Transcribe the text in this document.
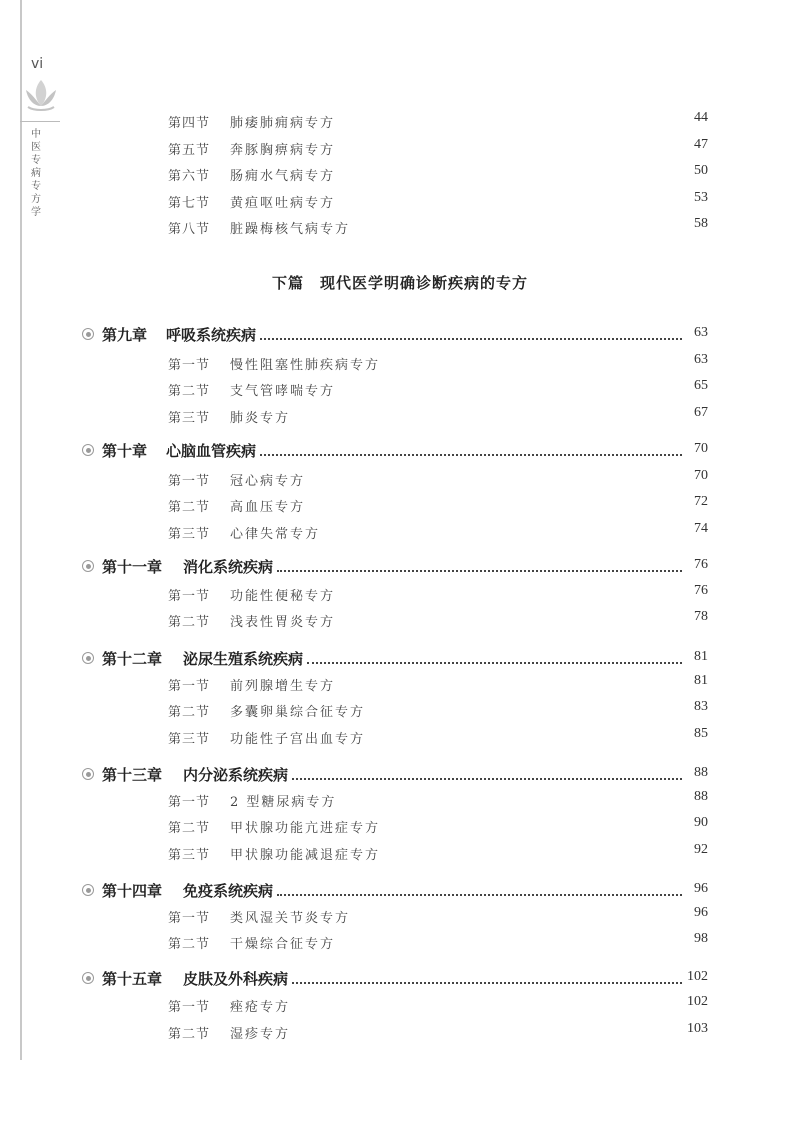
vi
中医专病专方学
第四节 肺痿肺痈病专方	44
第五节 奔豚胸痹病专方	47
第六节 肠痈水气病专方	50
第七节 黄疸呕吐病专方	53
第八节 脏躁梅核气病专方	58
下篇　现代医学明确诊断疾病的专方
第九章 呼吸系统疾病	63
第一节 慢性阻塞性肺疾病专方	63
第二节 支气管哮喘专方	65
第三节 肺炎专方	67
第十章 心脑血管疾病	70
第一节 冠心病专方	70
第二节 高血压专方	72
第三节 心律失常专方	74
第十一章 消化系统疾病	76
第一节 功能性便秘专方	76
第二节 浅表性胃炎专方	78
第十二章 泌尿生殖系统疾病	81
第一节 前列腺增生专方	81
第二节 多囊卵巢综合征专方	83
第三节 功能性子宫出血专方	85
第十三章 内分泌系统疾病	88
第一节 2 型糖尿病专方	88
第二节 甲状腺功能亢进症专方	90
第三节 甲状腺功能减退症专方	92
第十四章 免疫系统疾病	96
第一节 类风湿关节炎专方	96
第二节 干燥综合征专方	98
第十五章 皮肤及外科疾病	102
第一节 痤疮专方	102
第二节 湿疹专方	103
